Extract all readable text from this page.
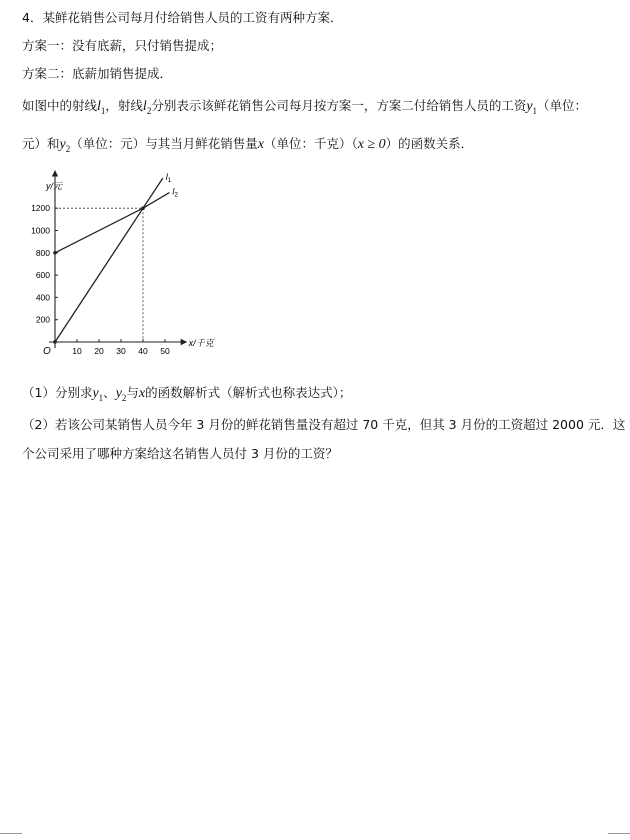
4．某鲜花销售公司每月付给销售人员的工资有两种方案．
方案一：没有底薪，只付销售提成；
方案二：底薪加销售提成．
如图中的射线$l_1$，射线$l_2$分别表示该鲜花销售公司每月按方案一，方案二付给销售人员的工资$y_1$（单位：
元）和$y_2$（单位：元）与其当月鲜花销售量x（单位：千克）（x ≥ 0）的函数关系．
10 20 30 40 50
200
400
600
800
1000
1200
$l_1$
$l_2$
y/元
x/千克
O
（1）分别求$y_1$、$y_2$与x的函数解析式（解析式也称表达式）；
（2）若该公司某销售人员今年 3 月份的鲜花销售量没有超过 70 千克，但其 3 月份的工资超过 2000 元．这
个公司采用了哪种方案给这名销售人员付 3 月份的工资？
